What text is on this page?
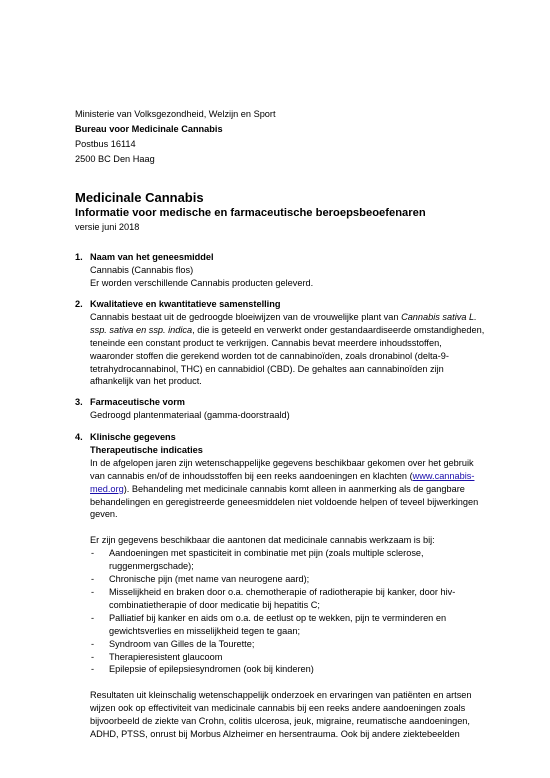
Ministerie van Volksgezondheid, Welzijn en Sport
Bureau voor Medicinale Cannabis
Postbus 16114
2500 BC Den Haag
Medicinale Cannabis
Informatie voor medische en farmaceutische beroepsbeoefenaren
versie juni 2018
1. Naam van het geneesmiddel
Cannabis (Cannabis flos)
Er worden verschillende Cannabis producten geleverd.
2. Kwalitatieve en kwantitatieve samenstelling

Cannabis bestaat uit de gedroogde bloeiwijzen van de vrouwelijke plant van Cannabis sativa L. ssp. sativa en ssp. indica, die is geteeld en verwerkt onder gestandaardiseerde omstandigheden, teneinde een constant product te verkrijgen. Cannabis bevat meerdere inhoudsstoffen, waaronder stoffen die gerekend worden tot de cannabinoïden, zoals dronabinol (delta-9-tetrahydrocannabinol, THC) en cannabidiol (CBD). De gehaltes aan cannabinoïden zijn afhankelijk van het product.

3. Farmaceutische vorm
Gedroogd plantenmateriaal (gamma-doorstraald)
4. Klinische gegevens
Therapeutische indicaties

In de afgelopen jaren zijn wetenschappelijke gegevens beschikbaar gekomen over het gebruik van cannabis en/of de inhoudsstoffen bij een reeks aandoeningen en klachten (www.cannabis-med.org). Behandeling met medicinale cannabis komt alleen in aanmerking als de gangbare behandelingen en geregistreerde geneesmiddelen niet voldoende helpen of teveel bijwerkingen geven.

Er zijn gegevens beschikbaar die aantonen dat medicinale cannabis werkzaam is bij:

- Aandoeningen met spasticiteit in combinatie met pijn (zoals multiple sclerose, ruggenmergschade);
- Chronische pijn (met name van neurogene aard);
- Misselijkheid en braken door o.a. chemotherapie of radiotherapie bij kanker, door hiv-combinatietherapie of door medicatie bij hepatitis C;
- Palliatief bij kanker en aids om o.a. de eetlust op te wekken, pijn te verminderen en gewichtsverlies en misselijkheid tegen te gaan;
- Syndroom van Gilles de la Tourette;
- Therapieresistent glaucoom
- Epilepsie of epilepsiesyndromen (ook bij kinderen)

Resultaten uit kleinschalig wetenschappelijk onderzoek en ervaringen van patiënten en artsen wijzen ook op effectiviteit van medicinale cannabis bij een reeks andere aandoeningen zoals bijvoorbeeld de ziekte van Crohn, colitis ulcerosa, jeuk, migraine, reumatische aandoeningen, ADHD, PTSS, onrust bij Morbus Alzheimer en hersentrauma. Ook bij andere ziektebeelden
